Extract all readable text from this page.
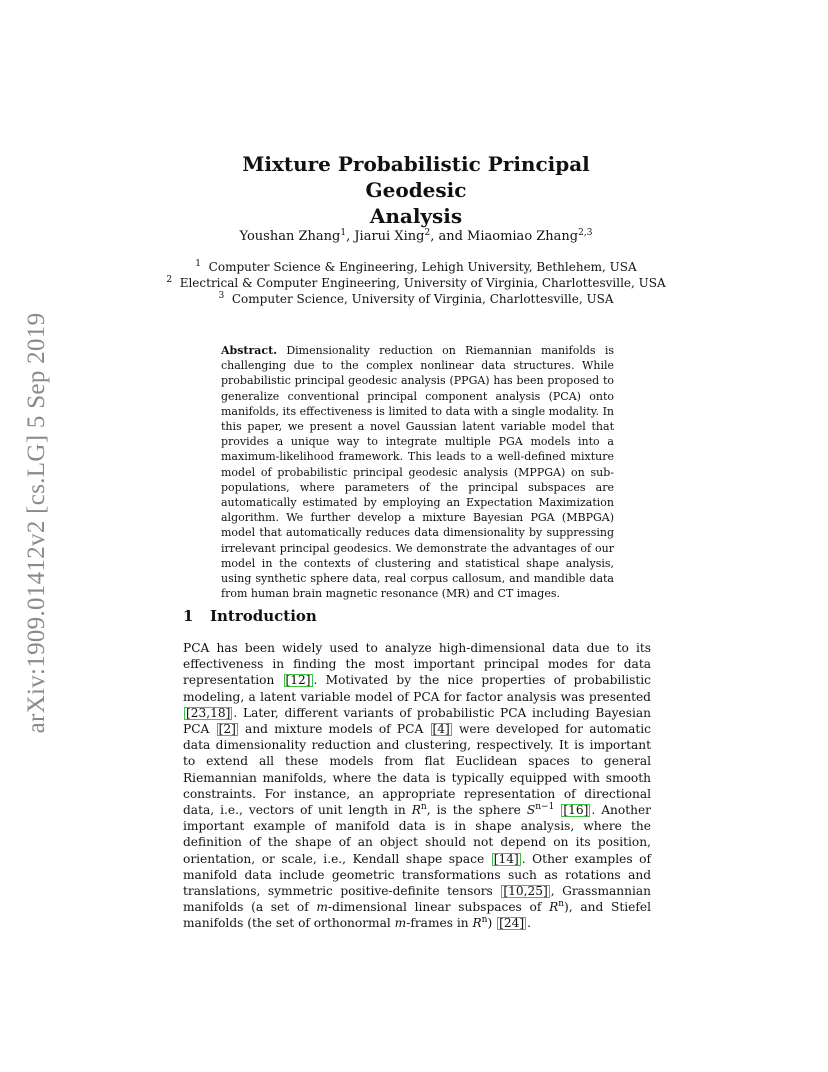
arXiv:1909.01412v2 [cs.LG] 5 Sep 2019
Mixture Probabilistic Principal Geodesic
Analysis
Youshan Zhang$^1$, Jiarui Xing$^2$, and Miaomiao Zhang$^{2,3}$
$^1$ Computer Science & Engineering, Lehigh University, Bethlehem, USA
$^2$ Electrical & Computer Engineering, University of Virginia, Charlottesville, USA
$^3$ Computer Science, University of Virginia, Charlottesville, USA
Abstract. Dimensionality reduction on Riemannian manifolds is challenging due to the complex nonlinear data structures. While probabilistic principal geodesic analysis (PPGA) has been proposed to generalize conventional principal component analysis (PCA) onto manifolds, its effectiveness is limited to data with a single modality. In this paper, we present a novel Gaussian latent variable model that provides a unique way to integrate multiple PGA models into a maximum-likelihood framework. This leads to a well-defined mixture model of probabilistic principal geodesic analysis (MPPGA) on sub-populations, where parameters of the principal subspaces are automatically estimated by employing an Expectation Maximization algorithm. We further develop a mixture Bayesian PGA (MBPGA) model that automatically reduces data dimensionality by suppressing irrelevant principal geodesics. We demonstrate the advantages of our model in the contexts of clustering and statistical shape analysis, using synthetic sphere data, real corpus callosum, and mandible data from human brain magnetic resonance (MR) and CT images.
1 Introduction
PCA has been widely used to analyze high-dimensional data due to its effectiveness in finding the most important principal modes for data representation [12] . Motivated by the nice properties of probabilistic modeling, a latent variable model of PCA for factor analysis was presented [23,18] . Later, different variants of probabilistic PCA including Bayesian PCA [2] and mixture models of PCA [4] were developed for automatic data dimensionality reduction and clustering, respectively. It is important to extend all these models from flat Euclidean spaces to general Riemannian manifolds, where the data is typically equipped with smooth constraints. For instance, an appropriate representation of directional data, i.e., vectors of unit length in $R^n$, is the sphere $S^{n-1}$ [16] . Another important example of manifold data is in shape analysis, where the definition of the shape of an object should not depend on its position, orientation, or scale, i.e., Kendall shape space [14] . Other examples of manifold data include geometric transformations such as rotations and translations, symmetric positive-definite tensors [10,25] , Grassmannian manifolds (a set of m-dimensional linear subspaces of $R^n$), and Stiefel manifolds (the set of orthonormal m-frames in $R^n$) [24] .
